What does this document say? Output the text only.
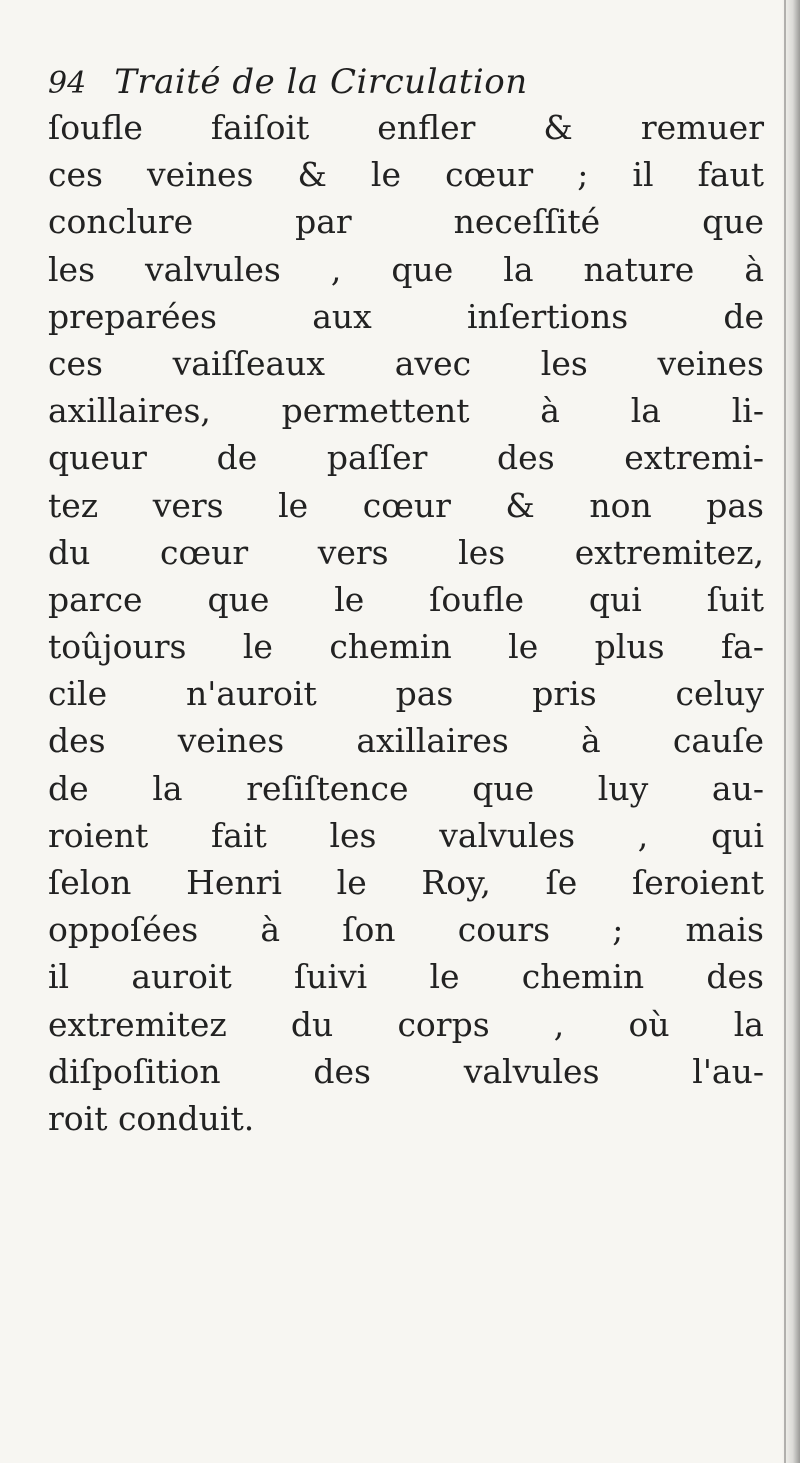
94 Traité de la Circulation
ſoufle faiſoit enfler & remuer
ces veines & le cœur ; il faut
conclure par neceſſité que
les valvules , que la nature à
preparées aux inſertions de
ces vaiſſeaux avec les veines
axillaires, permettent à la li-
queur de paſſer des extremi-
tez vers le cœur & non pas
du cœur vers les extremitez,
parce que le ſoufle qui ſuit
toûjours le chemin le plus fa-
cile n'auroit pas pris celuy
des veines axillaires à cauſe
de la reſiſtence que luy au-
roient fait les valvules , qui
ſelon Henri le Roy, ſe ſeroient
oppoſées à ſon cours ; mais
il auroit ſuivi le chemin des
extremitez du corps , où la
diſpoſition des valvules l'au-
roit conduit.
